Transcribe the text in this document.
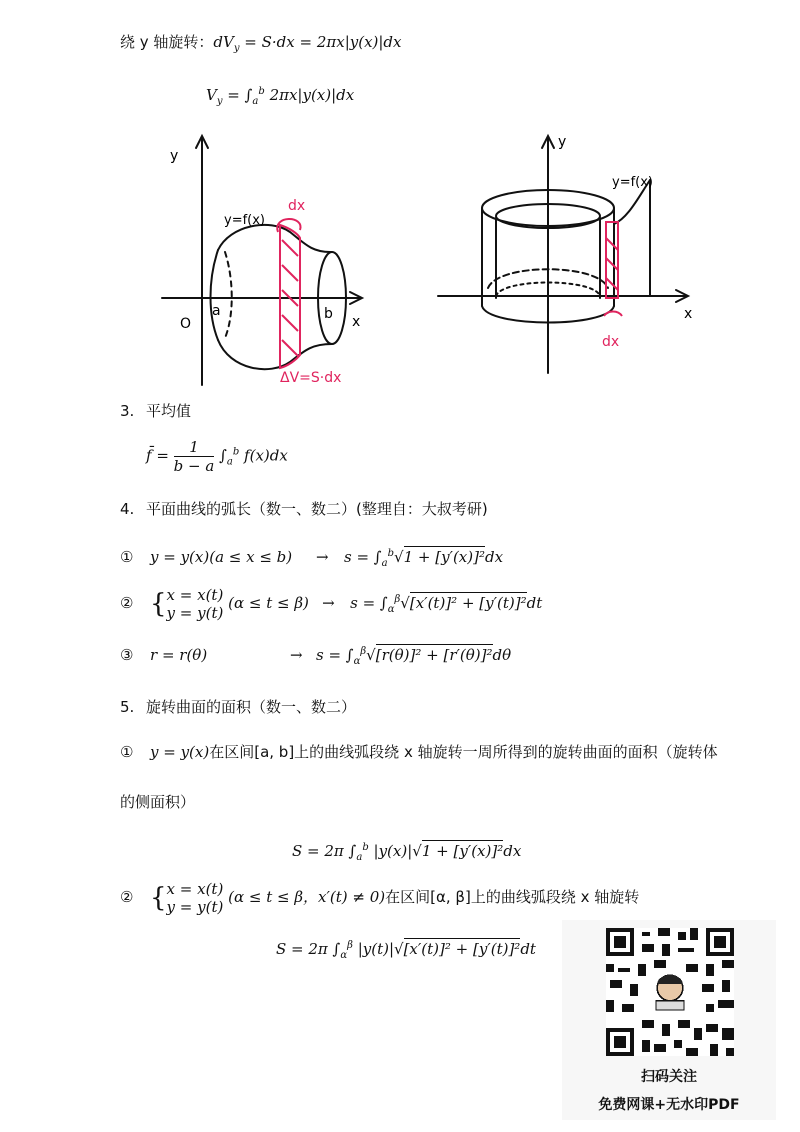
绕 y 轴旋转：$dV_y = S\cdot dx = 2\pi x|y(x)|dx$
$V_y = \int_a^b$ 2πx|y(x)|dx
y
x
O
y=f(x)
a	b
dx
ΔV=S·dx
y
x
y=f(x)
dx
3. 平均值
f̄ = $\frac{1}{b - a} \int_a^b$ f(x)dx
4. 平面曲线的弧长（数一、数二）(整理自：大叔考研)
① $y = y(x)(a \le x \le b) \to s = \int_a^b√1 + [y'(x)]^2dx$
② { x = x(t)
y = y(t)
$(\alpha \le t \le \beta) \to s = \int_\alpha^\beta√[x'(t)]^2 + [y'(t)]^2dt$
③ r = r(θ)	→ $s = \int_\alpha^\beta√[r(\theta)]^2 + [r'(\theta)]^2d\theta$
5. 旋转曲面的面积（数一、数二）
① y = y(x)在区间[a, b]上的曲线弧段绕 x 轴旋转一周所得到的旋转曲面的面积（旋转体
的侧面积）
S = 2π $\int_a^b$ |y(x)|√1 + [y′(x)]²dx
② { x = x(t)
y = y(t)
(α ≤ t ≤ β，x′(t) ≠ 0)在区间[α, β]上的曲线弧段绕 x 轴旋转
S = 2π $\int_\alpha^\beta$ |y(t)|√[x′(t)]² + [y′(t)]²dt
扫码关注
免费网课+无水印PDF
